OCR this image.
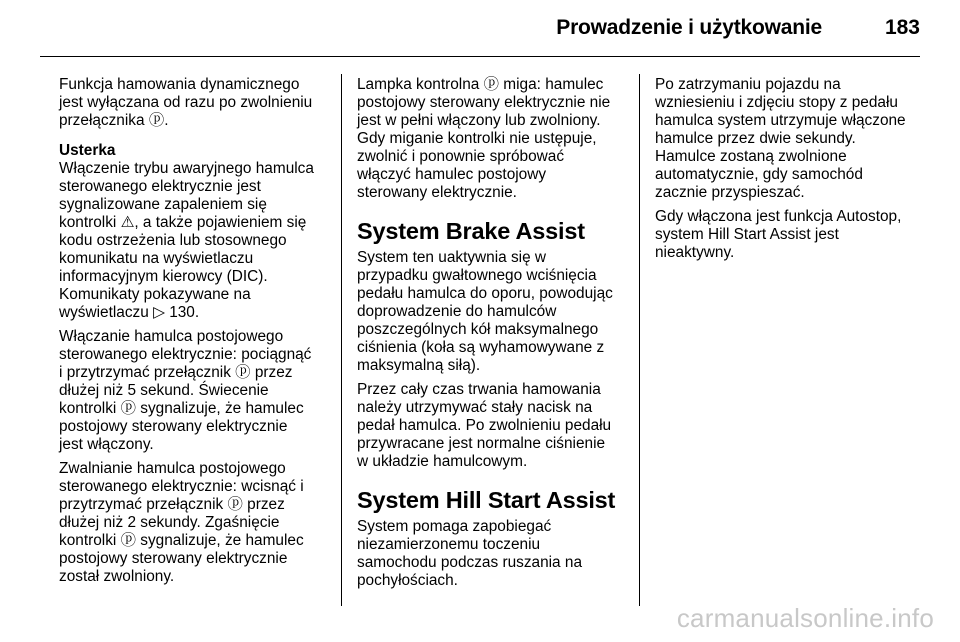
Prowadzenie i użytkowanie	183
Funkcja hamowania dynamicznego
jest wyłączana od razu po zwolnieniu
przełącznika ⓟ.
Usterka
Włączenie trybu awaryjnego hamulca
sterowanego elektrycznie jest
sygnalizowane zapaleniem się
kontrolki ⚠, a także pojawieniem się
kodu ostrzeżenia lub stosownego
komunikatu na wyświetlaczu
informacyjnym kierowcy (DIC).
Komunikaty pokazywane na
wyświetlaczu ▷ 130.
Włączanie hamulca postojowego
sterowanego elektrycznie: pociągnąć
i przytrzymać przełącznik ⓟ przez
dłużej niż 5 sekund. Świecenie
kontrolki ⓟ sygnalizuje, że hamulec
postojowy sterowany elektrycznie
jest włączony.
Zwalnianie hamulca postojowego
sterowanego elektrycznie: wcisnąć i
przytrzymać przełącznik ⓟ przez
dłużej niż 2 sekundy. Zgaśnięcie
kontrolki ⓟ sygnalizuje, że hamulec
postojowy sterowany elektrycznie
został zwolniony.
Lampka kontrolna ⓟ miga: hamulec
postojowy sterowany elektrycznie nie
jest w pełni włączony lub zwolniony.
Gdy miganie kontrolki nie ustępuje,
zwolnić i ponownie spróbować
włączyć hamulec postojowy
sterowany elektrycznie.
System Brake Assist
System ten uaktywnia się w
przypadku gwałtownego wciśnięcia
pedału hamulca do oporu, powodując
doprowadzenie do hamulców
poszczególnych kół maksymalnego
ciśnienia (koła są wyhamowywane z
maksymalną siłą).
Przez cały czas trwania hamowania
należy utrzymywać stały nacisk na
pedał hamulca. Po zwolnieniu pedału
przywracane jest normalne ciśnienie
w układzie hamulcowym.
System Hill Start Assist
System pomaga zapobiegać
niezamierzonemu toczeniu
samochodu podczas ruszania na
pochyłościach.
Po zatrzymaniu pojazdu na
wzniesieniu i zdjęciu stopy z pedału
hamulca system utrzymuje włączone
hamulce przez dwie sekundy.
Hamulce zostaną zwolnione
automatycznie, gdy samochód
zacznie przyspieszać.
Gdy włączona jest funkcja Autostop,
system Hill Start Assist jest
nieaktywny.
carmanualsonline.info
